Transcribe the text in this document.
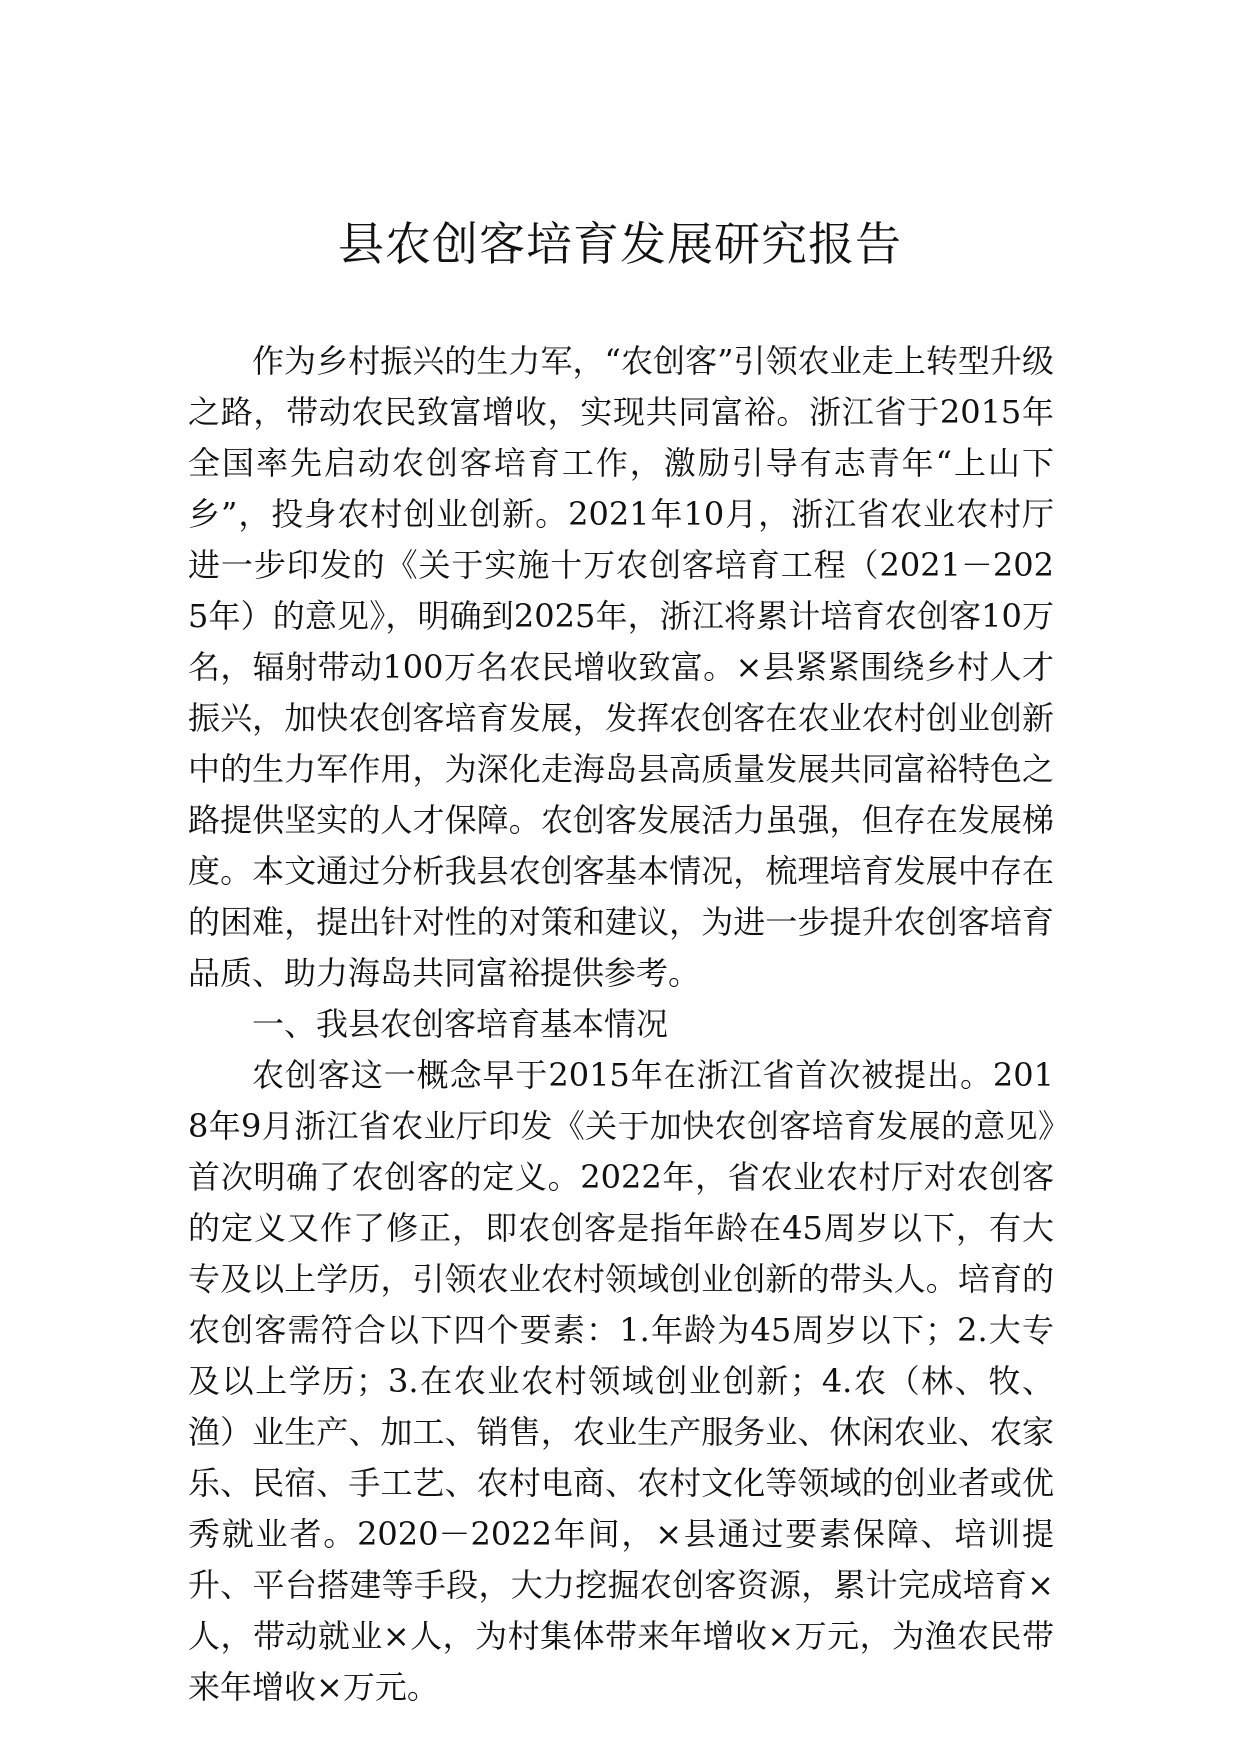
县农创客培育发展研究报告

作为乡村振兴的生力军，“农创客”引领农业走上转型升级之路，带动农民致富增收，实现共同富裕。浙江省于2015年全国率先启动农创客培育工作，激励引导有志青年“上山下乡”，投身农村创业创新。2021年10月，浙江省农业农村厅进一步印发的《关于实施十万农创客培育工程（2021－2025年）的意见》，明确到2025年，浙江将累计培育农创客10万名，辐射带动100万名农民增收致富。×县紧紧围绕乡村人才振兴，加快农创客培育发展，发挥农创客在农业农村创业创新中的生力军作用，为深化走海岛县高质量发展共同富裕特色之路提供坚实的人才保障。农创客发展活力虽强，但存在发展梯度。本文通过分析我县农创客基本情况，梳理培育发展中存在的困难，提出针对性的对策和建议，为进一步提升农创客培育品质、助力海岛共同富裕提供参考。

一、我县农创客培育基本情况

农创客这一概念早于2015年在浙江省首次被提出。2018年9月浙江省农业厅印发《关于加快农创客培育发展的意见》首次明确了农创客的定义。2022年，省农业农村厅对农创客的定义又作了修正，即农创客是指年龄在45周岁以下，有大专及以上学历，引领农业农村领域创业创新的带头人。培育的农创客需符合以下四个要素：1.年龄为45周岁以下；2.大专及以上学历；3.在农业农村领域创业创新；4.农（林、牧、渔）业生产、加工、销售，农业生产服务业、休闲农业、农家乐、民宿、手工艺、农村电商、农村文化等领域的创业者或优秀就业者。2020－2022年间，×县通过要素保障、培训提升、平台搭建等手段，大力挖掘农创客资源，累计完成培育×人，带动就业×人，为村集体带来年增收×万元，为渔农民带来年增收×万元。
